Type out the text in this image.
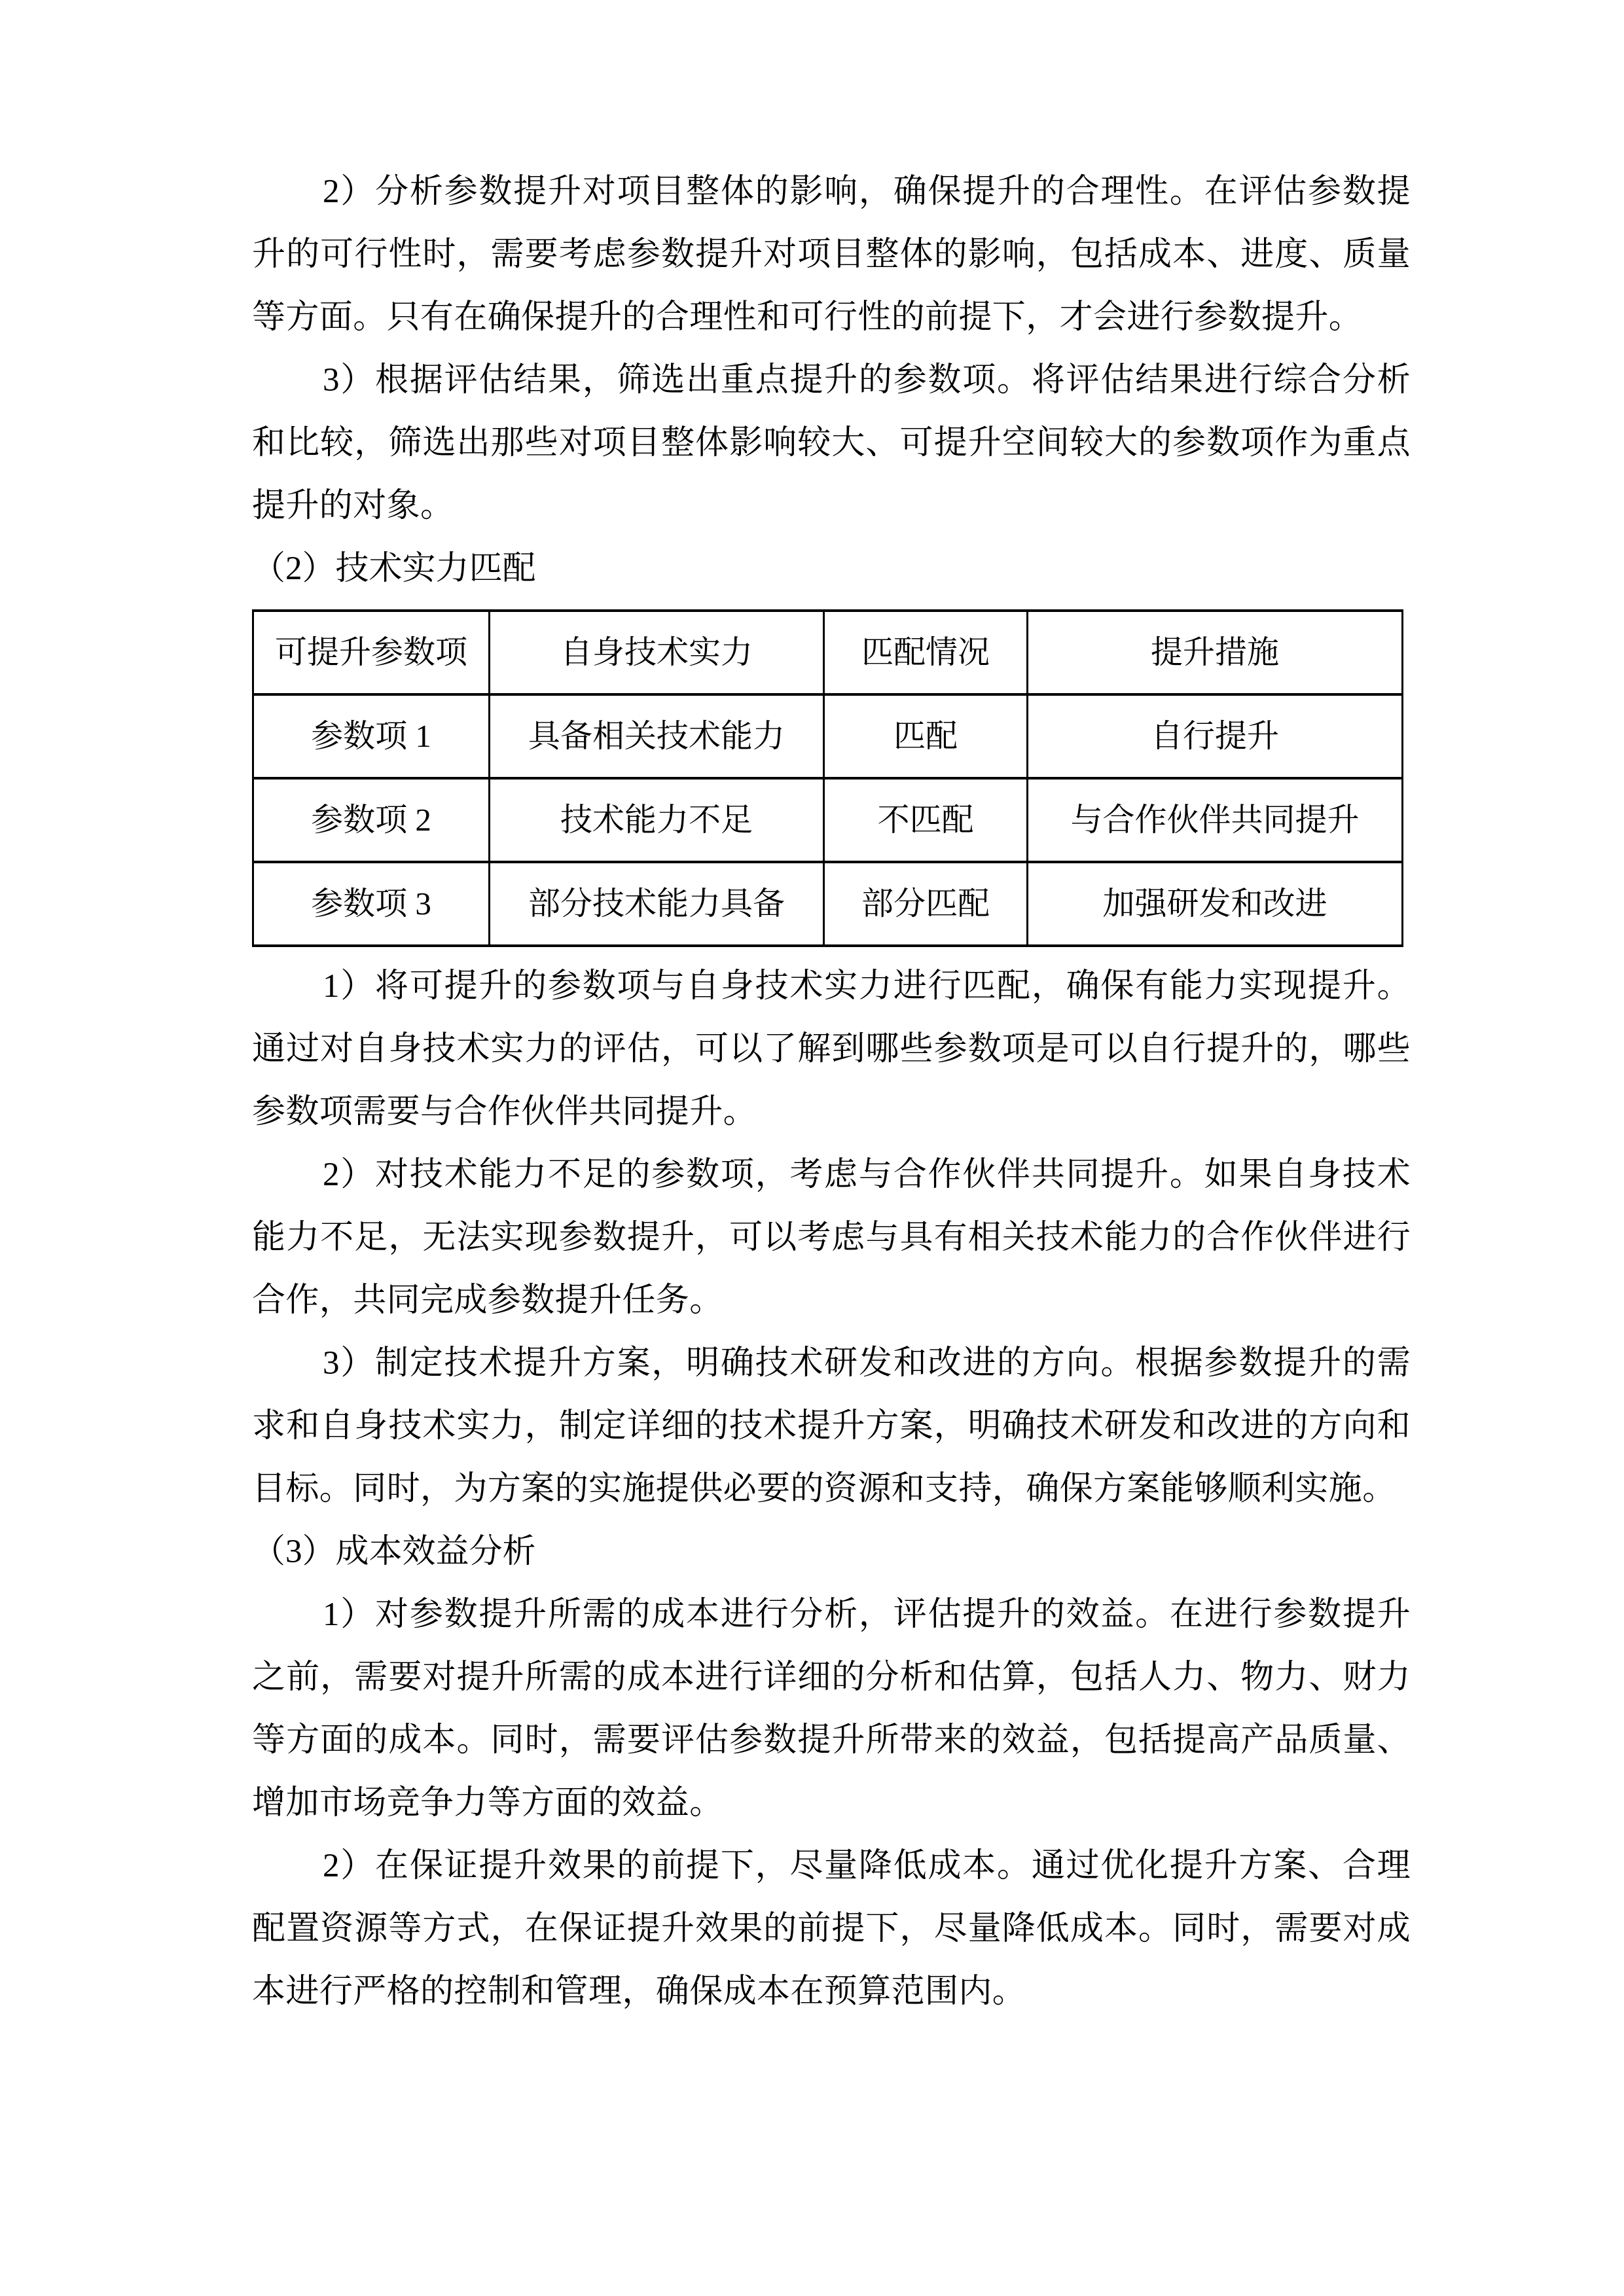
2）分析参数提升对项目整体的影响，确保提升的合理性。在评估参数提升的可行性时，需要考虑参数提升对项目整体的影响，包括成本、进度、质量等方面。只有在确保提升的合理性和可行性的前提下，才会进行参数提升。

3）根据评估结果，筛选出重点提升的参数项。将评估结果进行综合分析和比较，筛选出那些对项目整体影响较大、可提升空间较大的参数项作为重点提升的对象。

（2）技术实力匹配

可提升参数项	自身技术实力	匹配情况	提升措施
参数项 1	具备相关技术能力	匹配	自行提升
参数项 2	技术能力不足	不匹配	与合作伙伴共同提升
参数项 3	部分技术能力具备	部分匹配	加强研发和改进

1）将可提升的参数项与自身技术实力进行匹配，确保有能力实现提升。通过对自身技术实力的评估，可以了解到哪些参数项是可以自行提升的，哪些参数项需要与合作伙伴共同提升。

2）对技术能力不足的参数项，考虑与合作伙伴共同提升。如果自身技术能力不足，无法实现参数提升，可以考虑与具有相关技术能力的合作伙伴进行合作，共同完成参数提升任务。

3）制定技术提升方案，明确技术研发和改进的方向。根据参数提升的需求和自身技术实力，制定详细的技术提升方案，明确技术研发和改进的方向和目标。同时，为方案的实施提供必要的资源和支持，确保方案能够顺利实施。

（3）成本效益分析

1）对参数提升所需的成本进行分析，评估提升的效益。在进行参数提升之前，需要对提升所需的成本进行详细的分析和估算，包括人力、物力、财力等方面的成本。同时，需要评估参数提升所带来的效益，包括提高产品质量、增加市场竞争力等方面的效益。

2）在保证提升效果的前提下，尽量降低成本。通过优化提升方案、合理配置资源等方式，在保证提升效果的前提下，尽量降低成本。同时，需要对成本进行严格的控制和管理，确保成本在预算范围内。
